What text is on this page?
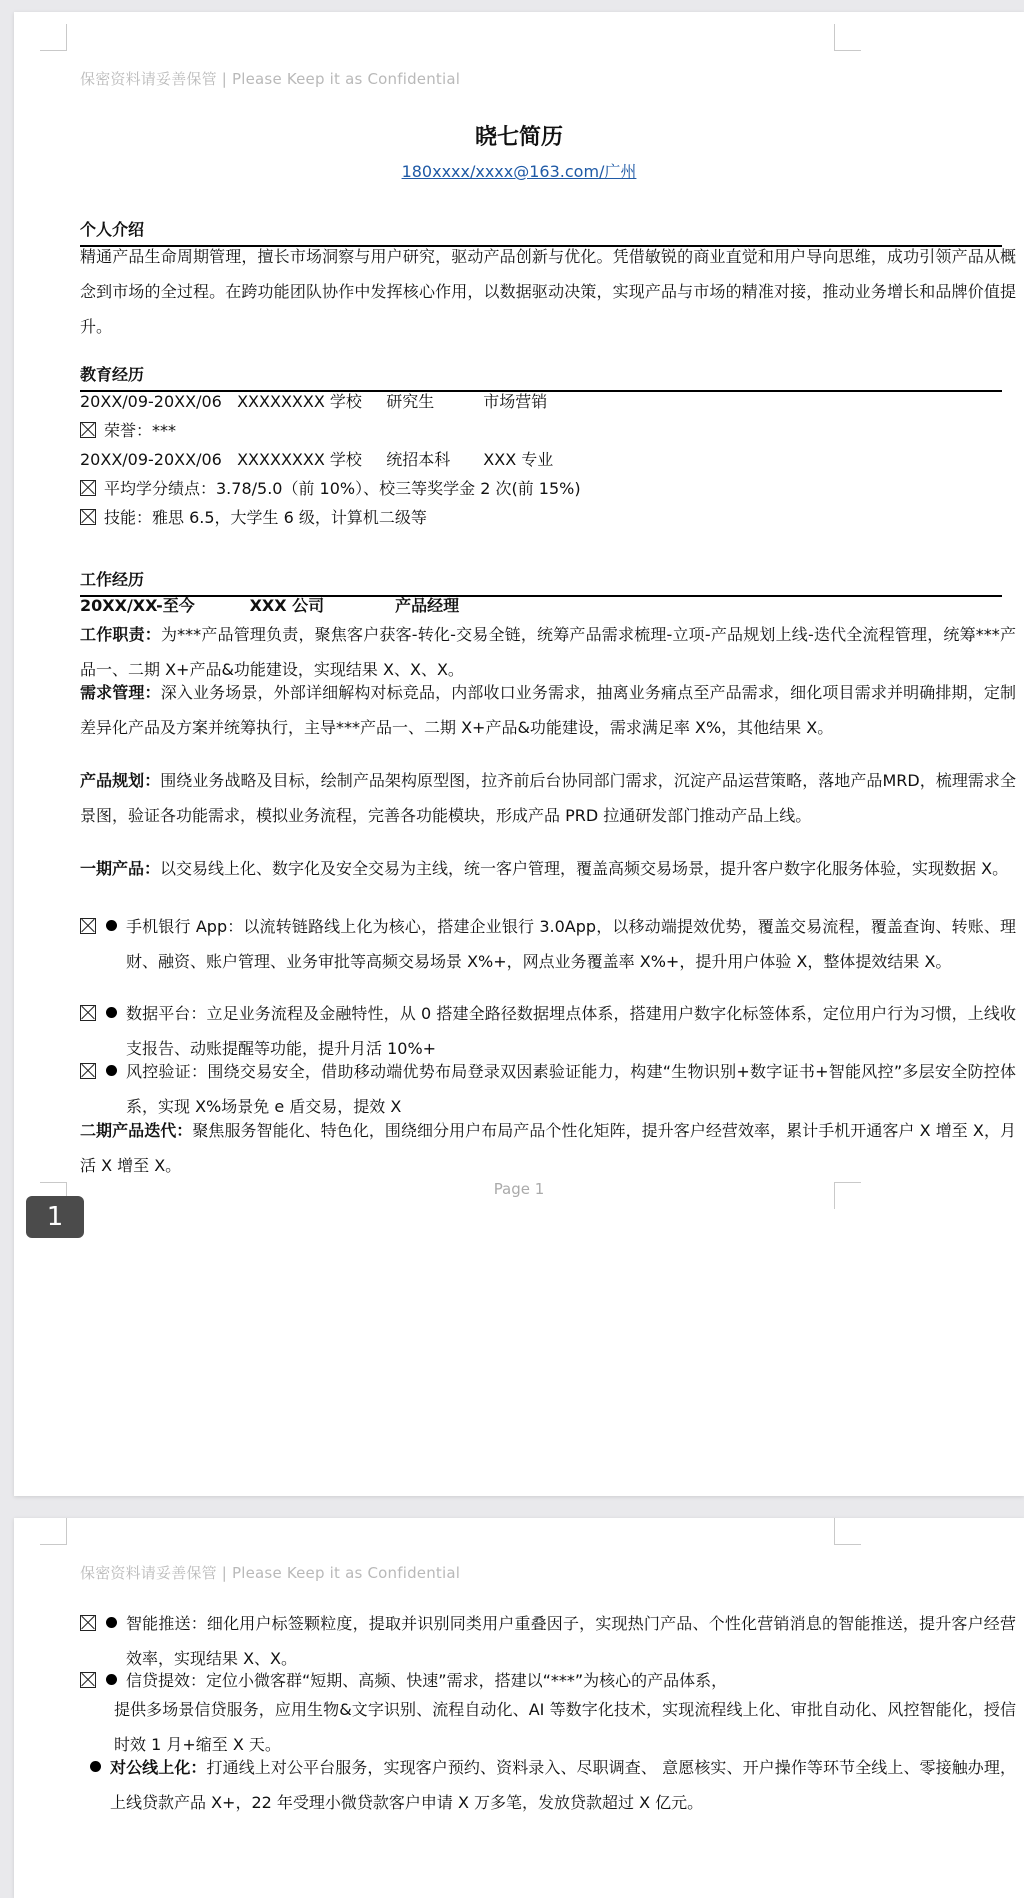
保密资料请妥善保管 | Please Keep it as Confidential
晓七简历
180xxxx/xxxx@163.com/广州
个人介绍
精通产品生命周期管理，擅长市场洞察与用户研究，驱动产品创新与优化。凭借敏锐的商业直觉和用户导向思维，成功引领产品从概念到市场的全过程。在跨功能团队协作中发挥核心作用，以数据驱动决策，实现产品与市场的精准对接，推动业务增长和品牌价值提升。
教育经历
20XX/09-20XX/06 XXXXXXXX 学校 研究生	市场营销
荣誉：***
20XX/09-20XX/06 XXXXXXXX 学校 统招本科 XXX 专业
平均学分绩点：3.78/5.0（前 10%）、校三等奖学金 2 次(前 15%)
技能：雅思 6.5，大学生 6 级，计算机二级等
工作经历
20XX/XX-至今	XXX 公司	产品经理
工作职责：为***产品管理负责，聚焦客户获客-转化-交易全链，统筹产品需求梳理-立项-产品规划上线-迭代全流程管理，统筹***产品一、二期 X+产品&功能建设，实现结果 X、X、X。
需求管理：深入业务场景，外部详细解构对标竞品，内部收口业务需求，抽离业务痛点至产品需求，细化项目需求并明确排期，定制差异化产品及方案并统筹执行，主导***产品一、二期 X+产品&功能建设，需求满足率 X%，其他结果 X。
产品规划：围绕业务战略及目标，绘制产品架构原型图，拉齐前后台协同部门需求，沉淀产品运营策略，落地产品MRD，梳理需求全景图，验证各功能需求，模拟业务流程，完善各功能模块，形成产品 PRD 拉通研发部门推动产品上线。
一期产品：以交易线上化、数字化及安全交易为主线，统一客户管理，覆盖高频交易场景，提升客户数字化服务体验，实现数据 X。
手机银行 App：以流转链路线上化为核心，搭建企业银行 3.0App，以移动端提效优势，覆盖交易流程，覆盖查询、转账、理财、融资、账户管理、业务审批等高频交易场景 X%+，网点业务覆盖率 X%+，提升用户体验 X，整体提效结果 X。
数据平台：立足业务流程及金融特性，从 0 搭建全路径数据埋点体系，搭建用户数字化标签体系，定位用户行为习惯，上线收支报告、动账提醒等功能，提升月活 10%+
风控验证：围绕交易安全，借助移动端优势布局登录双因素验证能力，构建“生物识别+数字证书+智能风控”多层安全防控体系，实现 X%场景免 e 盾交易，提效 X
二期产品迭代：聚焦服务智能化、特色化，围绕细分用户布局产品个性化矩阵，提升客户经营效率，累计手机开通客户 X 增至 X，月活 X 增至 X。
Page 1
1
保密资料请妥善保管 | Please Keep it as Confidential
智能推送：细化用户标签颗粒度，提取并识别同类用户重叠因子，实现热门产品、个性化营销消息的智能推送，提升客户经营效率，实现结果 X、X。
信贷提效：定位小微客群“短期、高频、快速”需求，搭建以“***”为核心的产品体系，
提供多场景信贷服务，应用生物&文字识别、流程自动化、AI 等数字化技术，实现流程线上化、审批自动化、风控智能化，授信时效 1 月+缩至 X 天。
对公线上化：打通线上对公平台服务，实现客户预约、资料录入、尽职调查、 意愿核实、开户操作等环节全线上、零接触办理，上线贷款产品 X+，22 年受理小微贷款客户申请 X 万多笔，发放贷款超过 X 亿元。
